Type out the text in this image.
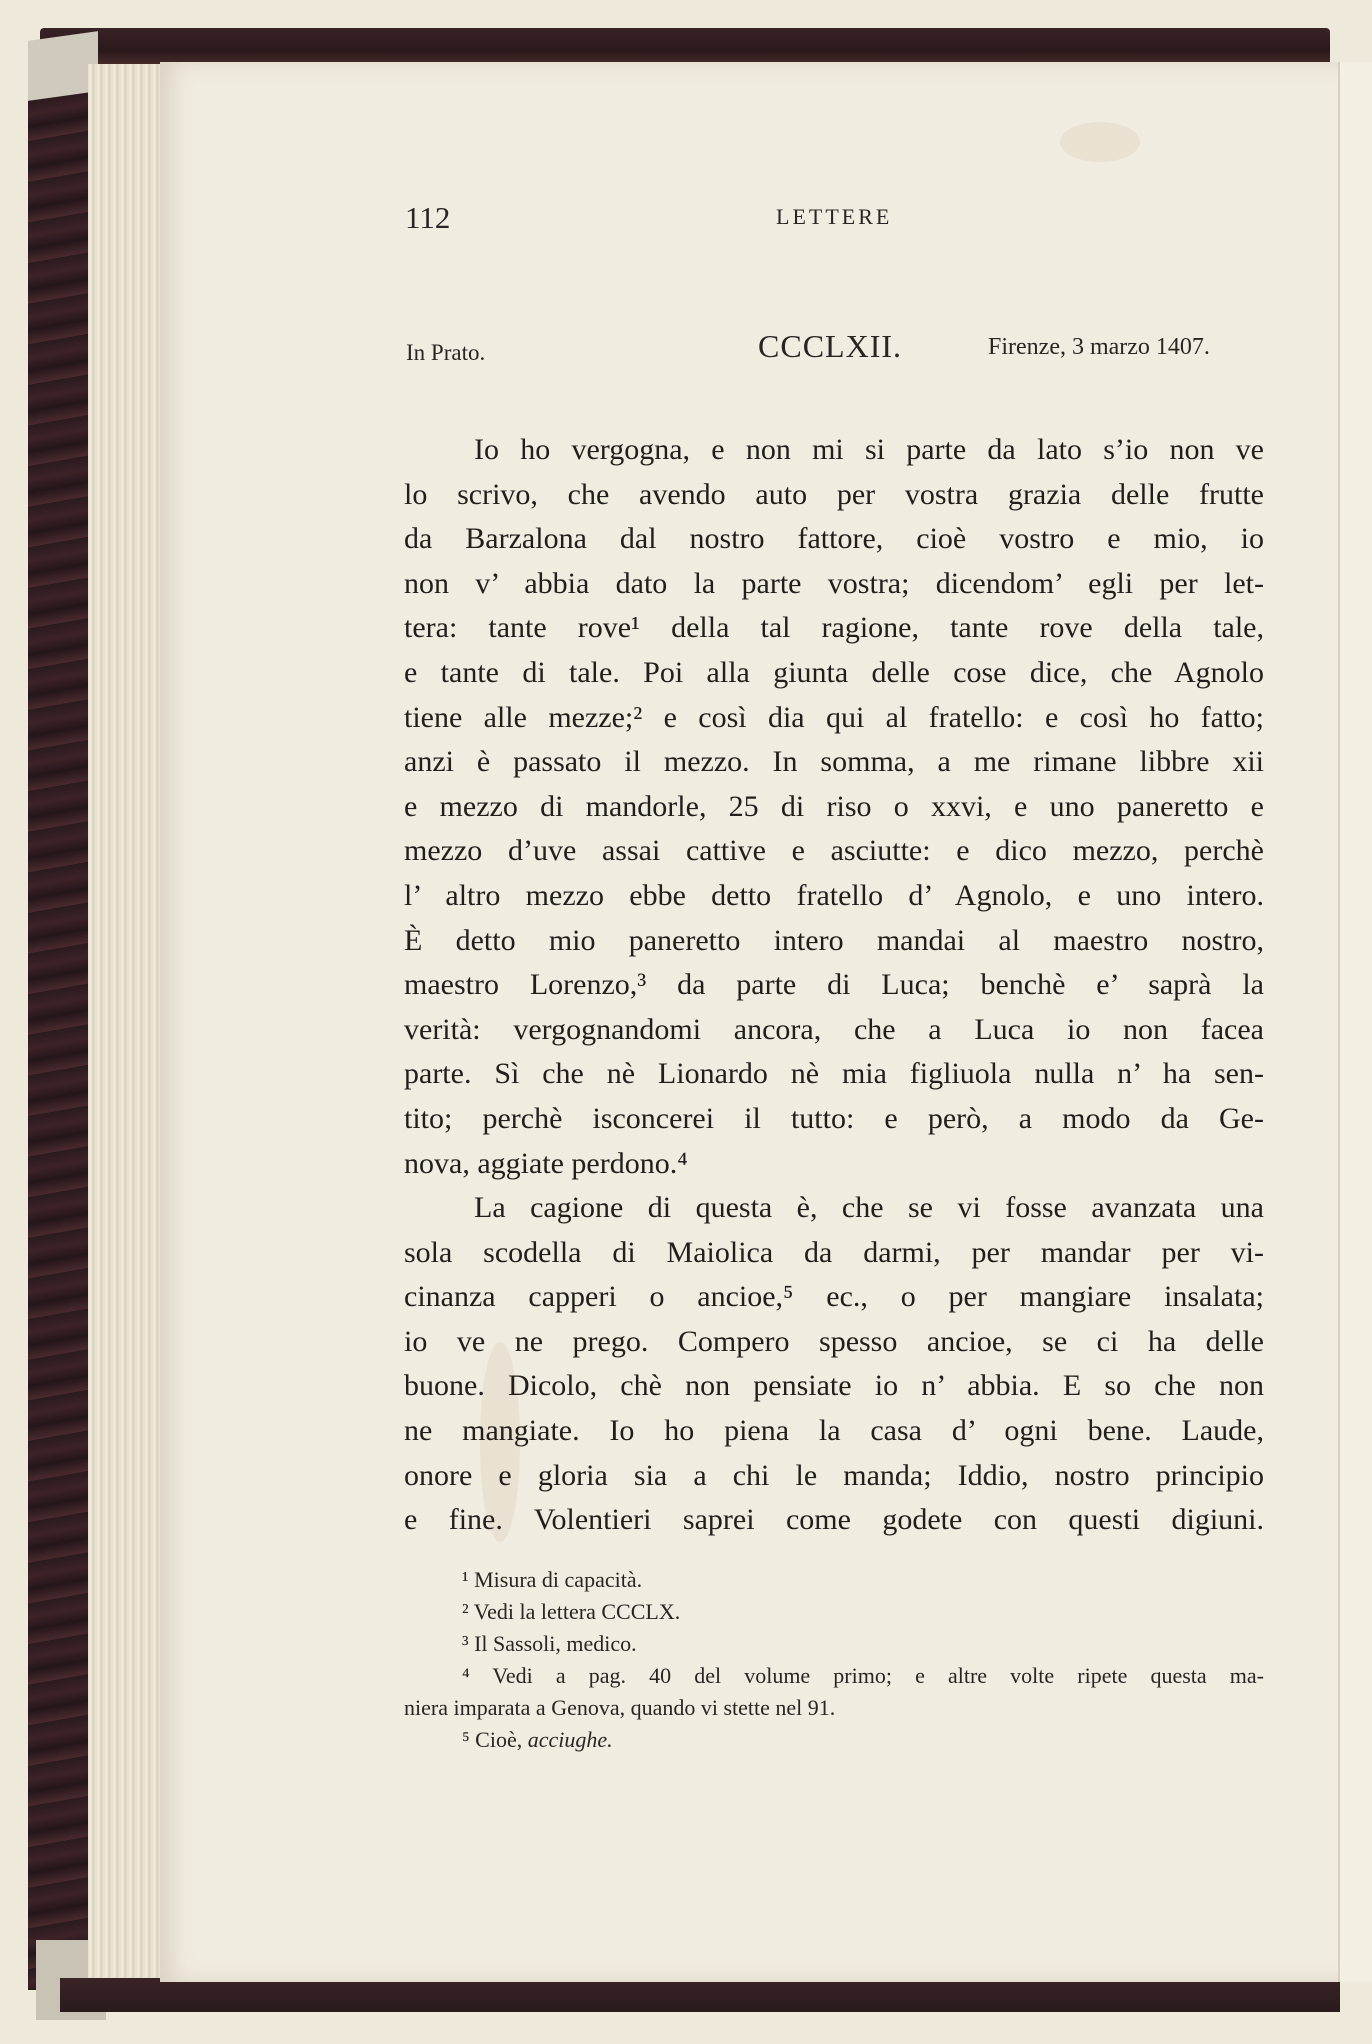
112	LETTERE
In Prato.	CCCLXII.	Firenze, 3 marzo 1407.
Io ho vergogna, e non mi si parte da lato s’io non ve
lo scrivo, che avendo auto per vostra grazia delle frutte
da Barzalona dal nostro fattore, cioè vostro e mio, io
non v’ abbia dato la parte vostra; dicendom’ egli per let-
tera: tante rove¹ della tal ragione, tante rove della tale,
e tante di tale. Poi alla giunta delle cose dice, che Agnolo
tiene alle mezze;² e così dia qui al fratello: e così ho fatto;
anzi è passato il mezzo. In somma, a me rimane libbre xii
e mezzo di mandorle, 25 di riso o xxvi, e uno paneretto e
mezzo d’uve assai cattive e asciutte: e dico mezzo, perchè
l’ altro mezzo ebbe detto fratello d’ Agnolo, e uno intero.
È detto mio paneretto intero mandai al maestro nostro,
maestro Lorenzo,³ da parte di Luca; benchè e’ saprà la
verità: vergognandomi ancora, che a Luca io non facea
parte. Sì che nè Lionardo nè mia figliuola nulla n’ ha sen-
tito; perchè isconcerei il tutto: e però, a modo da Ge-
nova, aggiate perdono.⁴
La cagione di questa è, che se vi fosse avanzata una
sola scodella di Maiolica da darmi, per mandar per vi-
cinanza capperi o ancioe,⁵ ec., o per mangiare insalata;
io ve ne prego. Compero spesso ancioe, se ci ha delle
buone. Dicolo, chè non pensiate io n’ abbia. E so che non
ne mangiate. Io ho piena la casa d’ ogni bene. Laude,
onore e gloria sia a chi le manda; Iddio, nostro principio
e fine. Volentieri saprei come godete con questi digiuni.
¹ Misura di capacità.
² Vedi la lettera CCCLX.
³ Il Sassoli, medico.
⁴ Vedi a pag. 40 del volume primo; e altre volte ripete questa ma-
niera imparata a Genova, quando vi stette nel 91.
⁵ Cioè, acciughe.
